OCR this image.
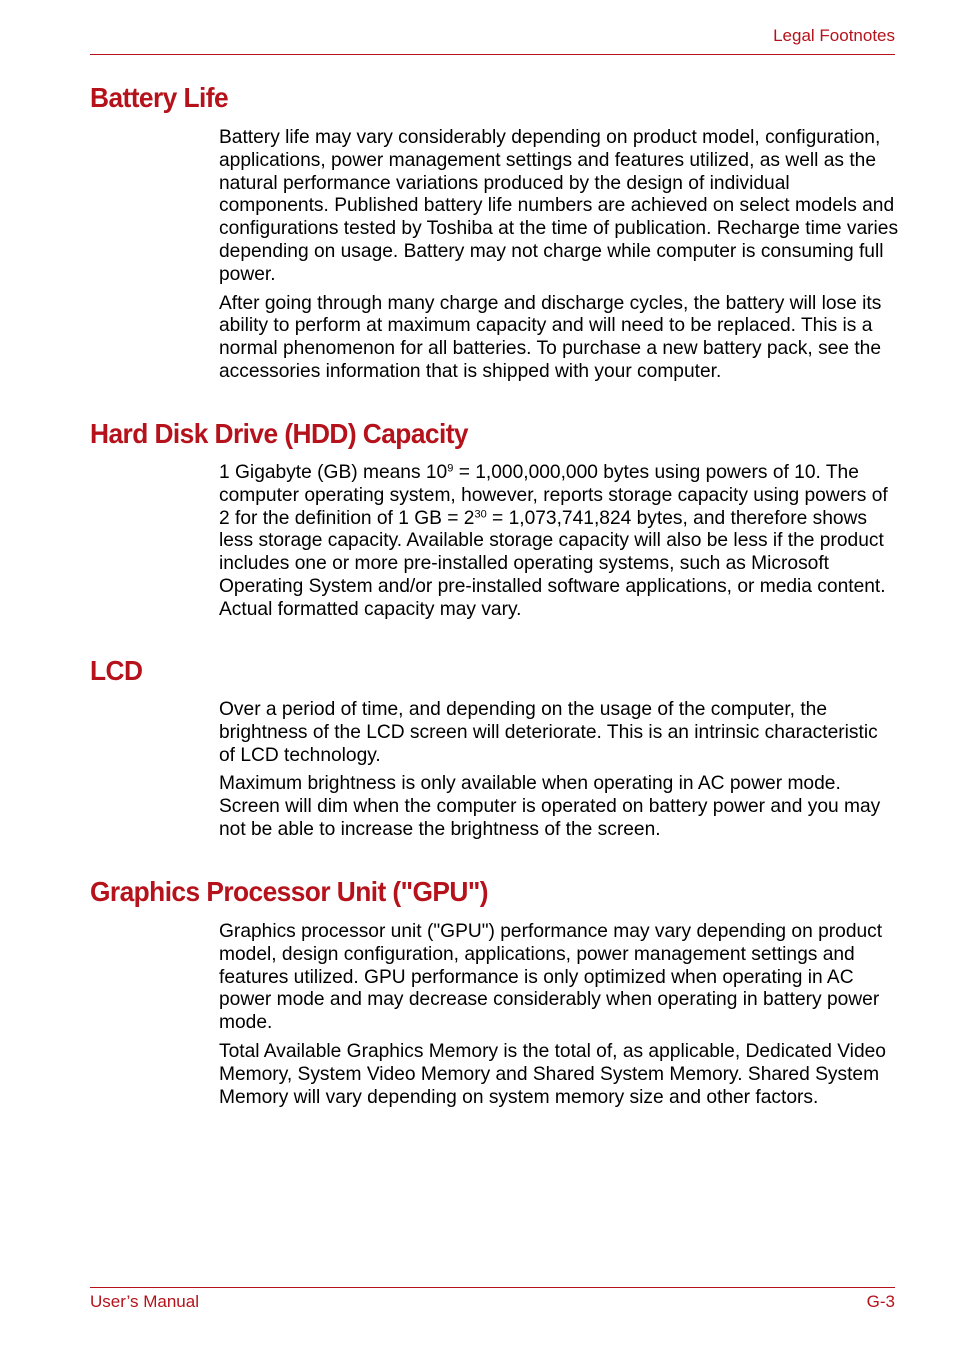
Legal Footnotes
Battery Life

Battery life may vary considerably depending on product model, configuration, applications, power management settings and features utilized, as well as the natural performance variations produced by the design of individual components. Published battery life numbers are achieved on select models and configurations tested by Toshiba at the time of publication. Recharge time varies depending on usage. Battery may not charge while computer is consuming full power.

After going through many charge and discharge cycles, the battery will lose its ability to perform at maximum capacity and will need to be replaced. This is a normal phenomenon for all batteries. To purchase a new battery pack, see the accessories information that is shipped with your computer.

Hard Disk Drive (HDD) Capacity

1 Gigabyte (GB) means $10^9 = 1,000,000,000$ bytes using powers of 10. The computer operating system, however, reports storage capacity using powers of 2 for the definition of 1 GB = $2^{30} = 1,073,741,824$ bytes, and therefore shows less storage capacity. Available storage capacity will also be less if the product includes one or more pre-installed operating systems, such as Microsoft Operating System and/or pre-installed software applications, or media content. Actual formatted capacity may vary.

LCD

Over a period of time, and depending on the usage of the computer, the brightness of the LCD screen will deteriorate. This is an intrinsic characteristic of LCD technology.

Maximum brightness is only available when operating in AC power mode. Screen will dim when the computer is operated on battery power and you may not be able to increase the brightness of the screen.

Graphics Processor Unit ("GPU")

Graphics processor unit ("GPU") performance may vary depending on product model, design configuration, applications, power management settings and features utilized. GPU performance is only optimized when operating in AC power mode and may decrease considerably when operating in battery power mode.

Total Available Graphics Memory is the total of, as applicable, Dedicated Video Memory, System Video Memory and Shared System Memory. Shared System Memory will vary depending on system memory size and other factors.

User’s Manual	G-3
